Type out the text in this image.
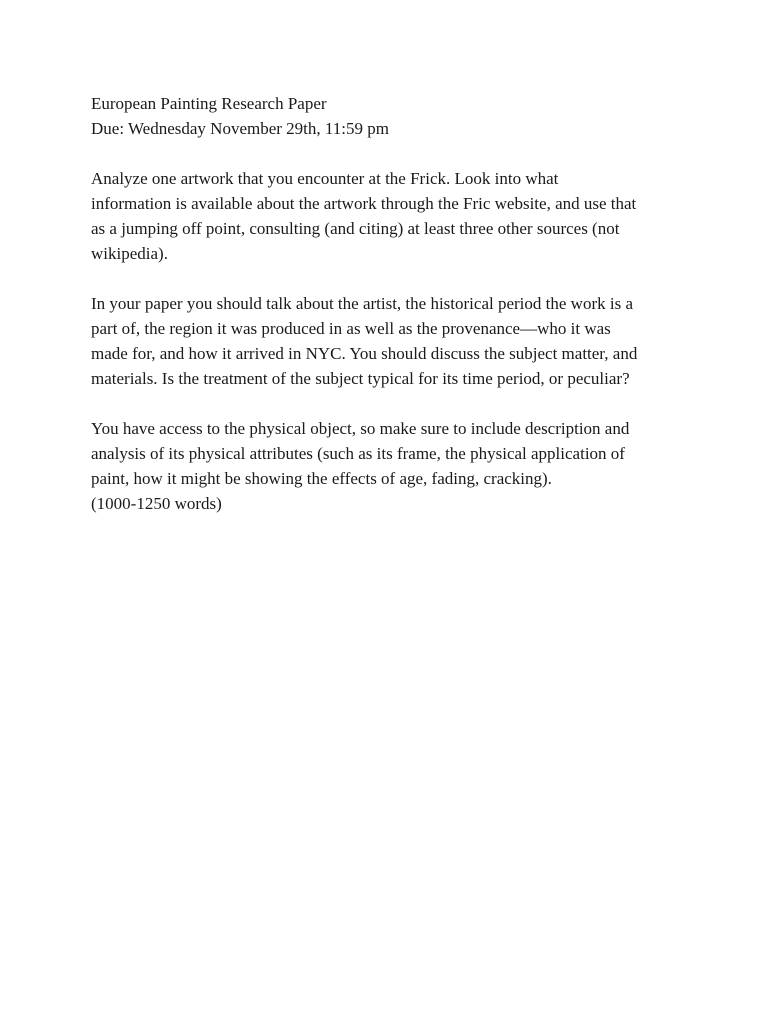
European Painting Research Paper

Due: Wednesday November 29th, 11:59 pm

Analyze one artwork that you encounter at the Frick. Look into what

information is available about the artwork through the Fric website, and use that

as a jumping off point, consulting (and citing) at least three other sources (not

wikipedia).

In your paper you should talk about the artist, the historical period the work is a

part of, the region it was produced in as well as the provenance—who it was

made for, and how it arrived in NYC. You should discuss the subject matter, and

materials. Is the treatment of the subject typical for its time period, or peculiar?

You have access to the physical object, so make sure to include description and

analysis of its physical attributes (such as its frame, the physical application of

paint, how it might be showing the effects of age, fading, cracking).

(1000-1250 words)
